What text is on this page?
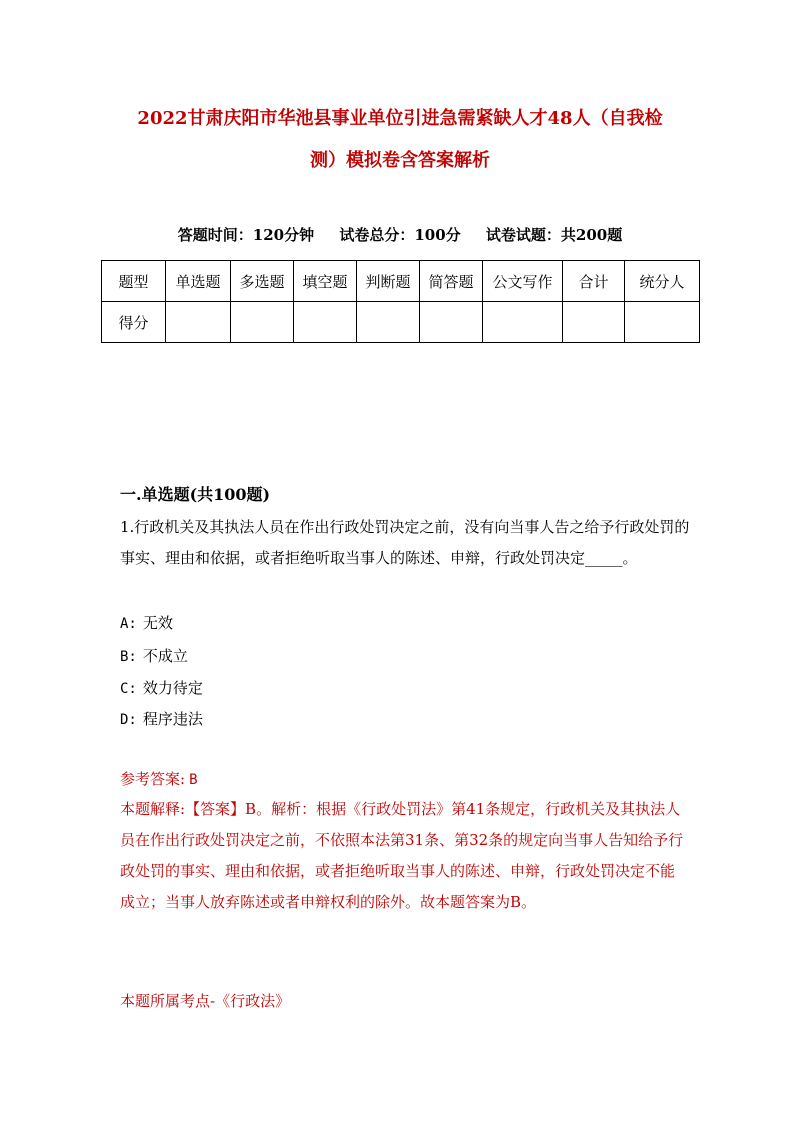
2022甘肃庆阳市华池县事业单位引进急需紧缺人才48人（自我检
测）模拟卷含答案解析
答题时间：120分钟 试卷总分：100分 试卷试题：共200题
题型	单选题	多选题	填空题	判断题	简答题	公文写作	合计	统分人
得分								
一.单选题(共100题)
1.行政机关及其执法人员在作出行政处罚决定之前，没有向当事人告之给予行政处罚的事实、理由和依据，或者拒绝听取当事人的陈述、申辩，行政处罚决定_____。
A: 无效
B: 不成立
C: 效力待定
D: 程序违法
参考答案: B
本题解释:【答案】B。解析：根据《行政处罚法》第41条规定，行政机关及其执法人员在作出行政处罚决定之前，不依照本法第31条、第32条的规定向当事人告知给予行政处罚的事实、理由和依据，或者拒绝听取当事人的陈述、申辩，行政处罚决定不能成立；当事人放弃陈述或者申辩权利的除外。故本题答案为B。
本题所属考点-《行政法》
